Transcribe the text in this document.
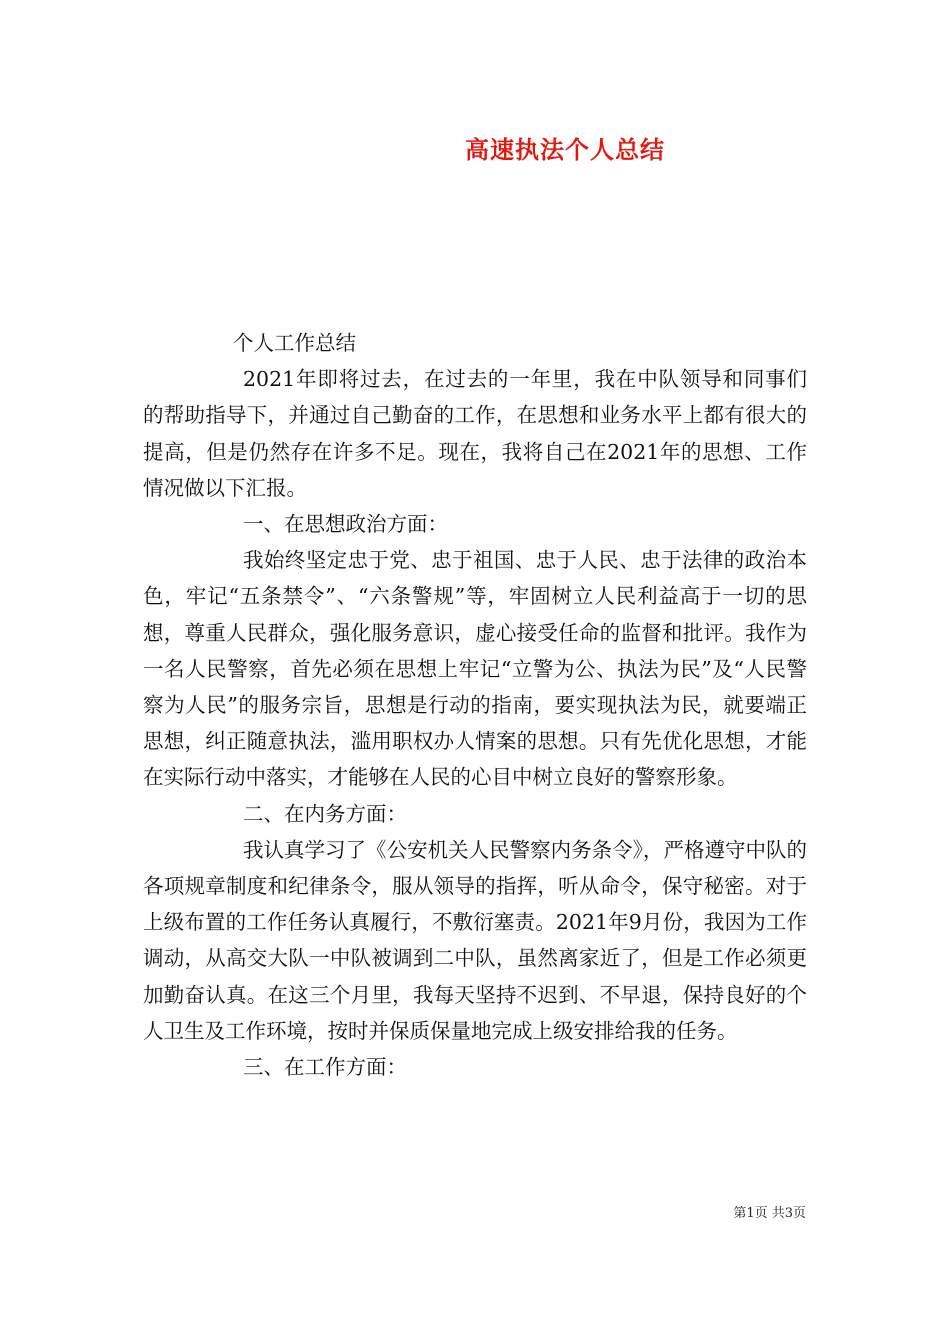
高速执法个人总结

个人工作总结

2021年即将过去，在过去的一年里，我在中队领导和同事们的帮助指导下，并通过自己勤奋的工作，在思想和业务水平上都有很大的提高，但是仍然存在许多不足。现在，我将自己在2021年的思想、工作情况做以下汇报。

一、在思想政治方面：

我始终坚定忠于党、忠于祖国、忠于人民、忠于法律的政治本色，牢记“五条禁令”、“六条警规”等，牢固树立人民利益高于一切的思想，尊重人民群众，强化服务意识，虚心接受任命的监督和批评。我作为一名人民警察，首先必须在思想上牢记“立警为公、执法为民”及“人民警察为人民”的服务宗旨，思想是行动的指南，要实现执法为民，就要端正思想，纠正随意执法，滥用职权办人情案的思想。只有先优化思想，才能在实际行动中落实，才能够在人民的心目中树立良好的警察形象。

二、在内务方面：

我认真学习了《公安机关人民警察内务条令》，严格遵守中队的各项规章制度和纪律条令，服从领导的指挥，听从命令，保守秘密。对于上级布置的工作任务认真履行，不敷衍塞责。2021年9月份，我因为工作调动，从高交大队一中队被调到二中队，虽然离家近了，但是工作必须更加勤奋认真。在这三个月里，我每天坚持不迟到、不早退，保持良好的个人卫生及工作环境，按时并保质保量地完成上级安排给我的任务。

三、在工作方面：

第1页 共3页
